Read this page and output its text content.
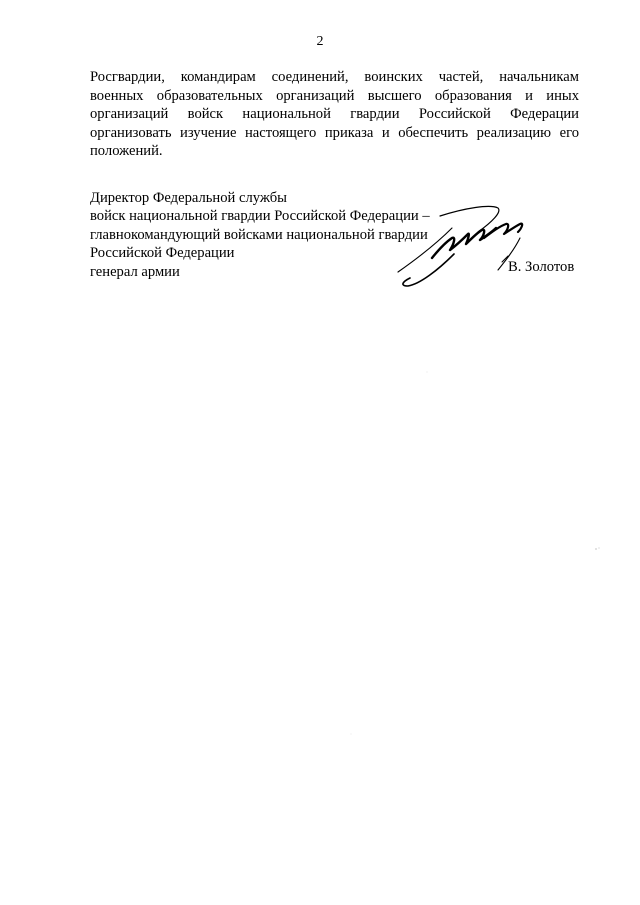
2
Росгвардии, командирам соединений, воинских частей, начальникам
военных образовательных организаций высшего образования и иных
организаций войск национальной гвардии Российской Федерации
организовать изучение настоящего приказа и обеспечить реализацию его
положений.
Директор Федеральной службы
войск национальной гвардии Российской Федерации –
главнокомандующий войсками национальной гвардии
Российской Федерации
генерал армии	В. Золотов
